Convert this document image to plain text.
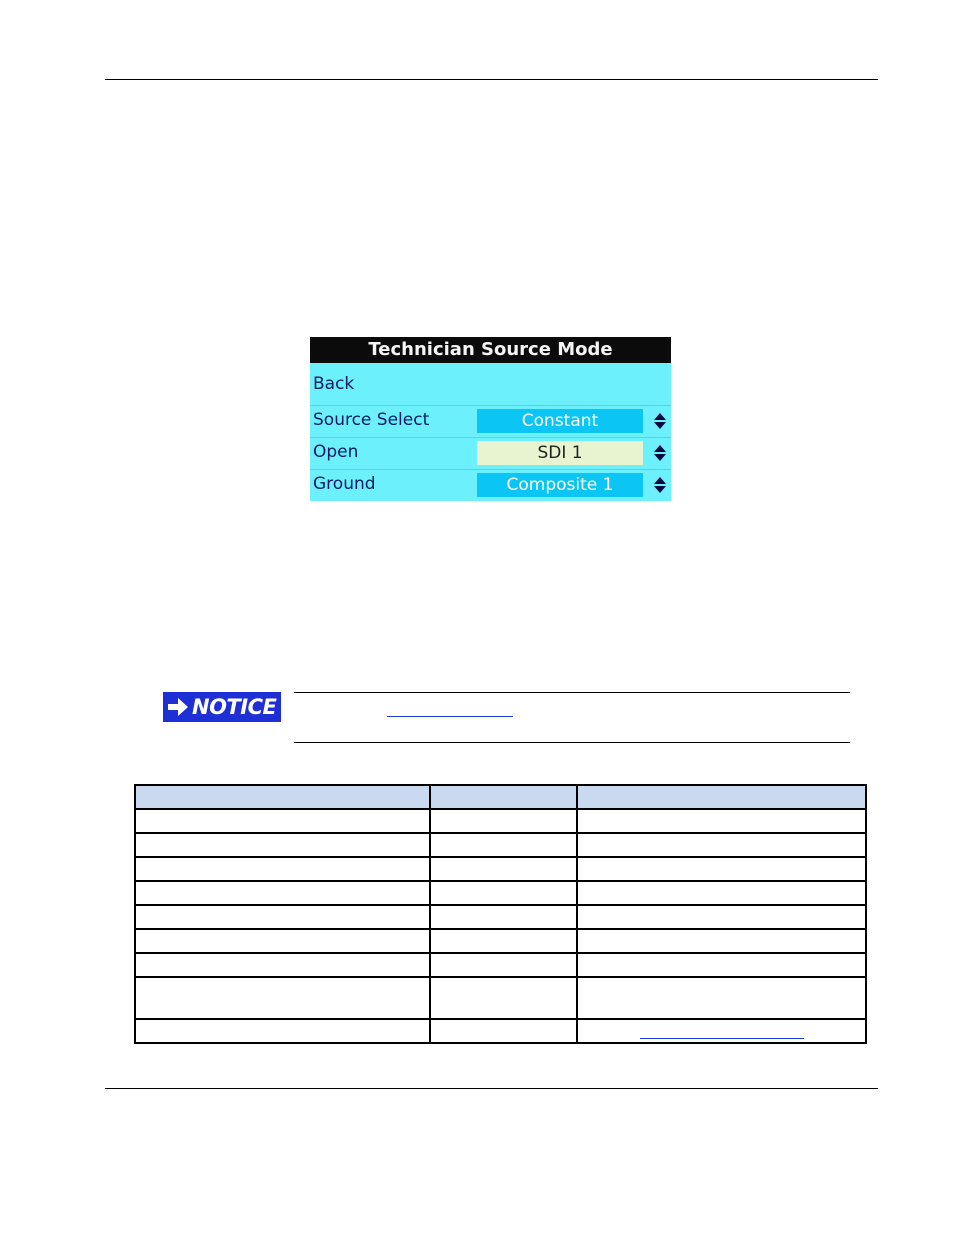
Technician Source Mode
Back
Source Select	Constant
Open	SDI 1
Ground	Composite 1
NOTICE
